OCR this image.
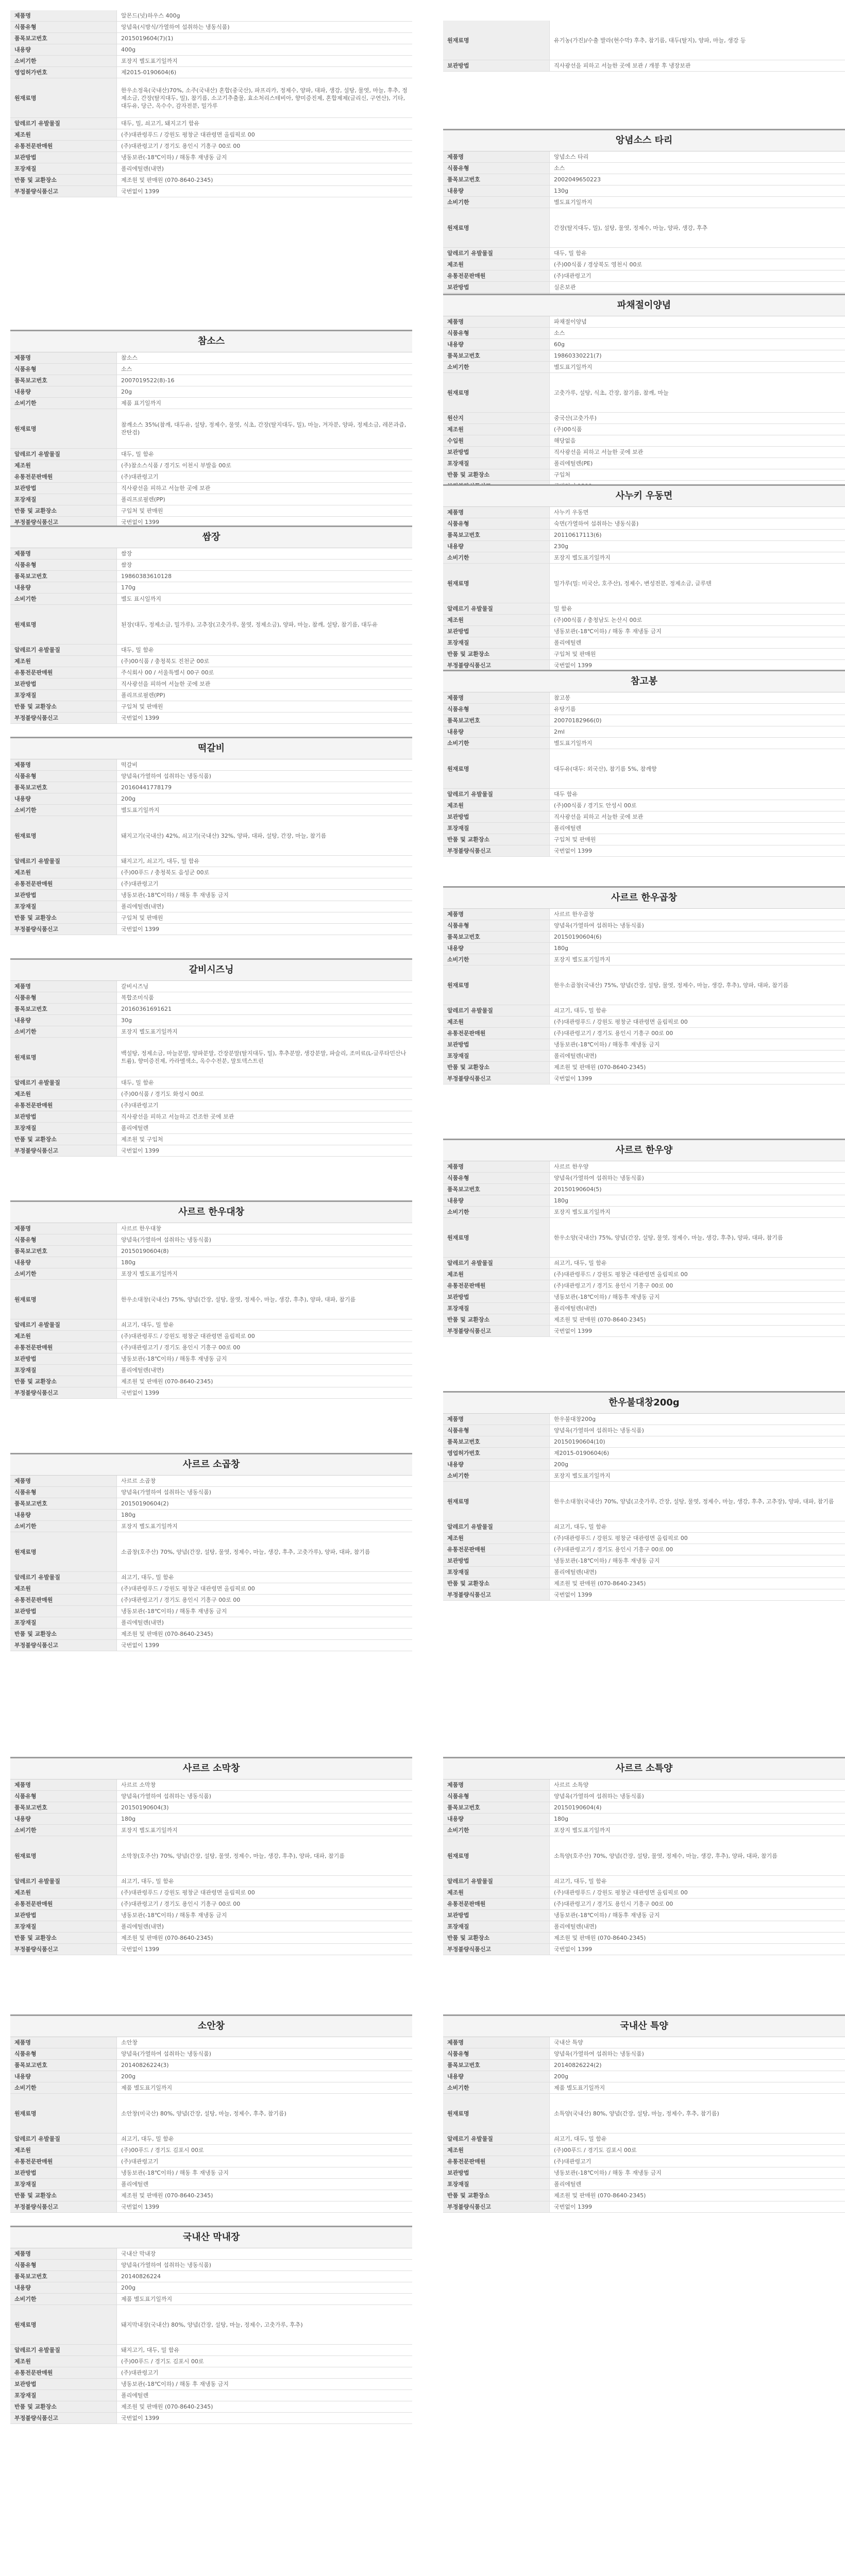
제품명	알몬드(넛)하우스 400g
식품유형	앙념육(시방식/가열하여 섭취하는 냉동식품)
품목보고번호	2015019604(7)(1)
내용량	400g
소비기한	포장지 별도표기일까지
영업허가번호	제2015-0190604(6)
원재료명	한우소정육(국내산)70%, 소주(국내산) 혼합(중국산), 파프리카, 정제수, 양파, 대파, 생강, 설탕, 물엿, 마늘, 후추, 정제소금, 간장(탈지대두, 밀), 참기름, 소고기추출물, 효소처리스테비아, 향미증진제, 혼합제제(글리신, 구연산), 기타, 대두유, 당근, 옥수수, 감자전분, 밀가루
알레르기 유발물질	대두, 밀, 쇠고기, 돼지고기 함유
제조원	(주)대관령푸드 / 강원도 평창군 대관령면 올림픽로 00
유통전문판매원	(주)대관령고기 / 경기도 용인시 기흥구 00로 00
보관방법	냉동보관(-18℃이하) / 해동후 재냉동 금지
포장재질	폴리에틸렌(내면)
반품 및 교환장소	제조원 및 판매원 (070-8640-2345)
부정불량식품신고	국번없이 1399
참소스
제품명	참소스
식품유형	소스
품목보고번호	2007019522(8)-16
내용량	20g
소비기한	제품 표기일까지
원재료명	참깨소스 35%(참깨, 대두유, 설탕, 정제수, 물엿, 식초, 간장(탈지대두, 밀), 마늘, 겨자분, 양파, 정제소금, 레몬과즙, 잔탄검)
알레르기 유발물질	대두, 밀 함유
제조원	(주)참소스식품 / 경기도 이천시 부발읍 00로
유통전문판매원	(주)대관령고기
보관방법	직사광선을 피하고 서늘한 곳에 보관
포장재질	폴리프로필렌(PP)
반품 및 교환장소	구입처 및 판매원
부정불량식품신고	국번없이 1399
쌈장
제품명	쌈장
식품유형	쌈장
품목보고번호	19860383610128
내용량	170g
소비기한	별도 표시일까지
원재료명	된장(대두, 정제소금, 밀가루), 고추장(고춧가루, 물엿, 정제소금), 양파, 마늘, 참깨, 설탕, 참기름, 대두유
알레르기 유발물질	대두, 밀 함유
제조원	(주)00식품 / 충청북도 진천군 00로
유통전문판매원	주식회사 00 / 서울특별시 00구 00로
보관방법	직사광선을 피하여 서늘한 곳에 보관
포장재질	폴리프로필렌(PP)
반품 및 교환장소	구입처 및 판매원
부정불량식품신고	국번없이 1399
떡갈비
제품명	떡갈비
식품유형	양념육(가열하여 섭취하는 냉동식품)
품목보고번호	20160441778179
내용량	200g
소비기한	별도표기일까지
원재료명	돼지고기(국내산) 42%, 쇠고기(국내산) 32%, 양파, 대파, 설탕, 간장, 마늘, 참기름
알레르기 유발물질	돼지고기, 쇠고기, 대두, 밀 함유
제조원	(주)00푸드 / 충청북도 음성군 00로
유통전문판매원	(주)대관령고기
보관방법	냉동보관(-18℃이하) / 해동 후 재냉동 금지
포장재질	폴리에틸렌(내면)
반품 및 교환장소	구입처 및 판매원
부정불량식품신고	국번없이 1399
갈비시즈닝
제품명	갈비시즈닝
식품유형	복합조미식품
품목보고번호	20160361691621
내용량	30g
소비기한	포장지 별도표기일까지
원재료명	백설탕, 정제소금, 마늘분말, 양파분말, 간장분말(탈지대두, 밀), 후추분말, 생강분말, 파슬리, 조미료(L-글루타민산나트륨), 향미증진제, 카라멜색소, 옥수수전분, 말토덱스트린
알레르기 유발물질	대두, 밀 함유
제조원	(주)00식품 / 경기도 화성시 00로
유통전문판매원	(주)대관령고기
보관방법	직사광선을 피하고 서늘하고 건조한 곳에 보관
포장재질	폴리에틸렌
반품 및 교환장소	제조원 및 구입처
부정불량식품신고	국번없이 1399
사르르 한우대창
제품명	사르르 한우대창
식품유형	양념육(가열하여 섭취하는 냉동식품)
품목보고번호	20150190604(8)
내용량	180g
소비기한	포장지 별도표기일까지
원재료명	한우소대창(국내산) 75%, 양념(간장, 설탕, 물엿, 정제수, 마늘, 생강, 후추), 양파, 대파, 참기름
알레르기 유발물질	쇠고기, 대두, 밀 함유
제조원	(주)대관령푸드 / 강원도 평창군 대관령면 올림픽로 00
유통전문판매원	(주)대관령고기 / 경기도 용인시 기흥구 00로 00
보관방법	냉동보관(-18℃이하) / 해동후 재냉동 금지
포장재질	폴리에틸렌(내면)
반품 및 교환장소	제조원 및 판매원 (070-8640-2345)
부정불량식품신고	국번없이 1399
사르르 소곱창
제품명	사르르 소곱창
식품유형	양념육(가열하여 섭취하는 냉동식품)
품목보고번호	20150190604(2)
내용량	180g
소비기한	포장지 별도표기일까지
원재료명	소곱창(호주산) 70%, 양념(간장, 설탕, 물엿, 정제수, 마늘, 생강, 후추, 고춧가루), 양파, 대파, 참기름
알레르기 유발물질	쇠고기, 대두, 밀 함유
제조원	(주)대관령푸드 / 강원도 평창군 대관령면 올림픽로 00
유통전문판매원	(주)대관령고기 / 경기도 용인시 기흥구 00로 00
보관방법	냉동보관(-18℃이하) / 해동후 재냉동 금지
포장재질	폴리에틸렌(내면)
반품 및 교환장소	제조원 및 판매원 (070-8640-2345)
부정불량식품신고	국번없이 1399
사르르 소막창
제품명	사르르 소막창
식품유형	양념육(가열하여 섭취하는 냉동식품)
품목보고번호	20150190604(3)
내용량	180g
소비기한	포장지 별도표기일까지
원재료명	소막창(호주산) 70%, 양념(간장, 설탕, 물엿, 정제수, 마늘, 생강, 후추), 양파, 대파, 참기름
알레르기 유발물질	쇠고기, 대두, 밀 함유
제조원	(주)대관령푸드 / 강원도 평창군 대관령면 올림픽로 00
유통전문판매원	(주)대관령고기 / 경기도 용인시 기흥구 00로 00
보관방법	냉동보관(-18℃이하) / 해동후 재냉동 금지
포장재질	폴리에틸렌(내면)
반품 및 교환장소	제조원 및 판매원 (070-8640-2345)
부정불량식품신고	국번없이 1399
소안창
제품명	소안창
식품유형	양념육(가열하여 섭취하는 냉동식품)
품목보고번호	20140826224(3)
내용량	200g
소비기한	제품 별도표기일까지
원재료명	소안창(미국산) 80%, 양념(간장, 설탕, 마늘, 정제수, 후추, 참기름)
알레르기 유발물질	쇠고기, 대두, 밀 함유
제조원	(주)00푸드 / 경기도 김포시 00로
유통전문판매원	(주)대관령고기
보관방법	냉동보관(-18℃이하) / 해동 후 재냉동 금지
포장재질	폴리에틸렌
반품 및 교환장소	제조원 및 판매원 (070-8640-2345)
부정불량식품신고	국번없이 1399
국내산 막내장
제품명	국내산 막내장
식품유형	양념육(가열하여 섭취하는 냉동식품)
품목보고번호	20140826224
내용량	200g
소비기한	제품 별도표기일까지
원재료명	돼지막내장(국내산) 80%, 양념(간장, 설탕, 마늘, 정제수, 고춧가루, 후추)
알레르기 유발물질	돼지고기, 대두, 밀 함유
제조원	(주)00푸드 / 경기도 김포시 00로
유통전문판매원	(주)대관령고기
보관방법	냉동보관(-18℃이하) / 해동 후 재냉동 금지
포장재질	폴리에틸렌
반품 및 교환장소	제조원 및 판매원 (070-8640-2345)
부정불량식품신고	국번없이 1399
원재료명	유기농(가진)/수출 발라(현수막) 후추, 참기름, 대두(탈지), 양파, 마늘, 생강 등
보관방법	직사광선을 피하고 서늘한 곳에 보관 / 개봉 후 냉장보관
앙념소스 타리
제품명	앙념소스 타리
식품유형	소스
품목보고번호	2002049650223
내용량	130g
소비기한	별도표기일까지
원재료명	간장(탈지대두, 밀), 설탕, 물엿, 정제수, 마늘, 양파, 생강, 후추
알레르기 유발물질	대두, 밀 함유
제조원	(주)00식품 / 경상북도 영천시 00로
유통전문판매원	(주)대관령고기
보관방법	실온보관

파채절이양념
제품명	파채절이양념
식품유형	소스
내용량	60g
품목보고번호	19860330221(7)
소비기한	별도표기일까지
원재료명	고춧가루, 설탕, 식초, 간장, 참기름, 참깨, 마늘
원산지	중국산(고춧가루)
제조원	(주)00식품
수입원	해당없음
보관방법	직사광선을 피하고 서늘한 곳에 보관
포장재질	폴리에틸렌(PE)
반품 및 교환장소	구입처

사누키 우동면
제품명	사누키 우동면
식품유형	숙면(가열하여 섭취하는 냉동식품)
품목보고번호	20110617113(6)
내용량	230g
소비기한	포장지 별도표기일까지
원재료명	밀가루(밀: 미국산, 호주산), 정제수, 변성전분, 정제소금, 글루텐
알레르기 유발물질	밀 함유
제조원	(주)00식품 / 충청남도 논산시 00로
보관방법	냉동보관(-18℃이하) / 해동 후 재냉동 금지
포장재질	폴리에틸렌
반품 및 교환장소	구입처 및 판매원
부정불량식품신고	국번없이 1399
참고봉
제품명	참고봉
식품유형	유탕기름
품목보고번호	20070182966(0)
내용량	2ml
소비기한	별도표기일까지
원재료명	대두유(대두: 외국산), 참기름 5%, 참깨향
알레르기 유발물질	대두 함유
제조원	(주)00식품 / 경기도 안성시 00로
보관방법	직사광선을 피하고 서늘한 곳에 보관
포장재질	폴리에틸렌
반품 및 교환장소	구입처 및 판매원
부정불량식품신고	국번없이 1399
사르르 한우곱창
제품명	사르르 한우곱창
식품유형	양념육(가열하여 섭취하는 냉동식품)
품목보고번호	20150190604(6)
내용량	180g
소비기한	포장지 별도표기일까지
원재료명	한우소곱창(국내산) 75%, 양념(간장, 설탕, 물엿, 정제수, 마늘, 생강, 후추), 양파, 대파, 참기름
알레르기 유발물질	쇠고기, 대두, 밀 함유
제조원	(주)대관령푸드 / 강원도 평창군 대관령면 올림픽로 00
유통전문판매원	(주)대관령고기 / 경기도 용인시 기흥구 00로 00
보관방법	냉동보관(-18℃이하) / 해동후 재냉동 금지
포장재질	폴리에틸렌(내면)
반품 및 교환장소	제조원 및 판매원 (070-8640-2345)
부정불량식품신고	국번없이 1399
사르르 한우양
제품명	사르르 한우양
식품유형	양념육(가열하여 섭취하는 냉동식품)
품목보고번호	20150190604(5)
내용량	180g
소비기한	포장지 별도표기일까지
원재료명	한우소양(국내산) 75%, 양념(간장, 설탕, 물엿, 정제수, 마늘, 생강, 후추), 양파, 대파, 참기름
알레르기 유발물질	쇠고기, 대두, 밀 함유
제조원	(주)대관령푸드 / 강원도 평창군 대관령면 올림픽로 00
유통전문판매원	(주)대관령고기 / 경기도 용인시 기흥구 00로 00
보관방법	냉동보관(-18℃이하) / 해동후 재냉동 금지
포장재질	폴리에틸렌(내면)
반품 및 교환장소	제조원 및 판매원 (070-8640-2345)
부정불량식품신고	국번없이 1399
한우불대창200g
제품명	한우불대창200g
식품유형	양념육(가열하여 섭취하는 냉동식품)
품목보고번호	20150190604(10)
영업허가번호	제2015-0190604(6)
내용량	200g
소비기한	포장지 별도표기일까지
원재료명	한우소대창(국내산) 70%, 양념(고춧가루, 간장, 설탕, 물엿, 정제수, 마늘, 생강, 후추, 고추장), 양파, 대파, 참기름
알레르기 유발물질	쇠고기, 대두, 밀 함유
제조원	(주)대관령푸드 / 강원도 평창군 대관령면 올림픽로 00
유통전문판매원	(주)대관령고기 / 경기도 용인시 기흥구 00로 00
보관방법	냉동보관(-18℃이하) / 해동후 재냉동 금지
포장재질	폴리에틸렌(내면)
반품 및 교환장소	제조원 및 판매원 (070-8640-2345)
부정불량식품신고	국번없이 1399
사르르 소특양
제품명	사르르 소특양
식품유형	양념육(가열하여 섭취하는 냉동식품)
품목보고번호	20150190604(4)
내용량	180g
소비기한	포장지 별도표기일까지
원재료명	소특양(호주산) 70%, 양념(간장, 설탕, 물엿, 정제수, 마늘, 생강, 후추), 양파, 대파, 참기름
알레르기 유발물질	쇠고기, 대두, 밀 함유
제조원	(주)대관령푸드 / 강원도 평창군 대관령면 올림픽로 00
유통전문판매원	(주)대관령고기 / 경기도 용인시 기흥구 00로 00
보관방법	냉동보관(-18℃이하) / 해동후 재냉동 금지
포장재질	폴리에틸렌(내면)
반품 및 교환장소	제조원 및 판매원 (070-8640-2345)
부정불량식품신고	국번없이 1399
국내산 특양
제품명	국내산 특양
식품유형	양념육(가열하여 섭취하는 냉동식품)
품목보고번호	20140826224(2)
내용량	200g
소비기한	제품 별도표기일까지
원재료명	소특양(국내산) 80%, 양념(간장, 설탕, 마늘, 정제수, 후추, 참기름)
알레르기 유발물질	쇠고기, 대두, 밀 함유
제조원	(주)00푸드 / 경기도 김포시 00로
유통전문판매원	(주)대관령고기
보관방법	냉동보관(-18℃이하) / 해동 후 재냉동 금지
포장재질	폴리에틸렌
반품 및 교환장소	제조원 및 판매원 (070-8640-2345)
부정불량식품신고	국번없이 1399
